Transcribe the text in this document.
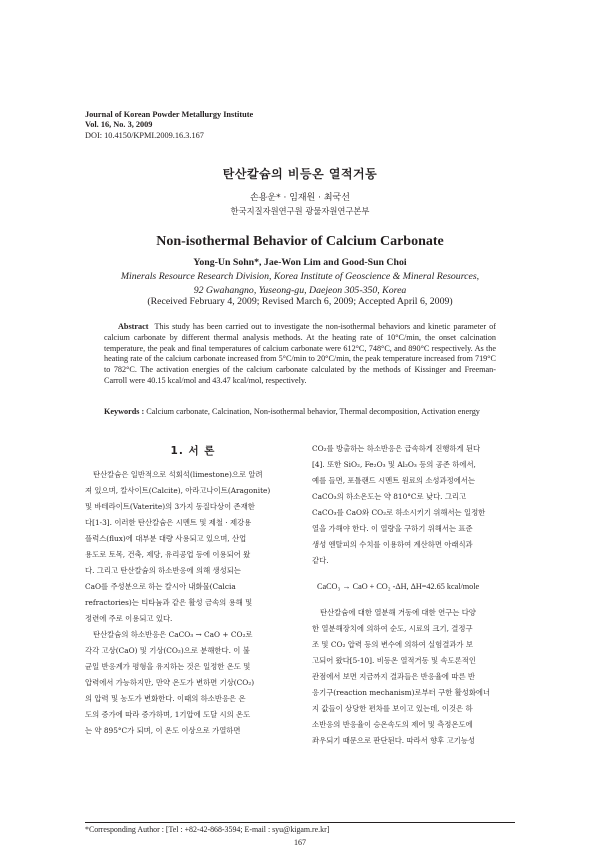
Journal of Korean Powder Metallurgy Institute
Vol. 16, No. 3, 2009
DOI: 10.4150/KPMI.2009.16.3.167
탄산칼슘의 비등온 열적거동
손용운* · 임재원 · 최국선
한국지질자원연구원 광물자원연구본부
Non-isothermal Behavior of Calcium Carbonate
Yong-Un Sohn*, Jae-Won Lim and Good-Sun Choi
Minerals Resource Research Division, Korea Institute of Geoscience & Mineral Resources,
92 Gwahangno, Yuseong-gu, Daejeon 305-350, Korea
(Received February 4, 2009; Revised March 6, 2009; Accepted April 6, 2009)
Abstract This study has been carried out to investigate the non-isothermal behaviors and kinetic parameter of calcium carbonate by different thermal analysis methods. At the heating rate of 10°C/min, the onset calcination temperature, the peak and final temperatures of calcium carbonate were 612°C, 748°C, and 890°C respectively. As the heating rate of the calcium carbonate increased from 5°C/min to 20°C/min, the peak temperature increased from 719°C to 782°C. The activation energies of the calcium carbonate calculated by the methods of Kissinger and Freeman-Carroll were 40.15 kcal/mol and 43.47 kcal/mol, respectively.
Keywords : Calcium carbonate, Calcination, Non-isothermal behavior, Thermal decomposition, Activation energy
1. 서 론
탄산칼슘은 일반적으로 석회석(limestone)으로 알려
져 있으며, 칼사이트(Calcite), 아라고나이트(Aragonite)
및 바테라이트(Vaterite)의 3가지 동질다상이 존재한
다[1-3]. 이러한 탄산칼슘은 시멘트 및 제철 · 제강용
플럭스(flux)에 대부분 대량 사용되고 있으며, 산업
용도로 토목, 건축, 제당, 유리공업 등에 이용되어 왔
다. 그리고 탄산칼슘의 하소반응에 의해 생성되는
CaO를 주성분으로 하는 칼시아 내화물(Calcia
refractories)는 티타늄과 같은 활성 금속의 용해 및
정련에 주로 이용되고 있다.
탄산칼슘의 하소반응은 CaCO₃ → CaO + CO₂로
각각 고상(CaO) 및 기상(CO₂)으로 분해한다. 이 불
균일 반응계가 평형을 유지하는 것은 일정한 온도 및
압력에서 가능하지만, 만약 온도가 변하면 기상(CO₂)
의 압력 및 농도가 변화한다. 이때의 하소반응은 온
도의 증가에 따라 증가하며, 1기압에 도달 시의 온도
는 약 895°C가 되며, 이 온도 이상으로 가열하면
CO₂를 방출하는 하소반응은 급속하게 진행하게 된다
[4]. 또한 SiO₂, Fe₂O₃ 및 Al₂O₃ 등의 공존 하에서,
예를 들면, 포틀랜드 시멘트 원료의 소성과정에서는
CaCO₃의 하소온도는 약 810°C로 낮다. 그리고
CaCO₃를 CaO와 CO₂로 하소시키기 위해서는 일정한
열을 가해야 한다. 이 열량을 구하기 위해서는 표준
생성 엔탈피의 수치를 이용하여 계산하면 아래식과
같다.
CaCO₃ → CaO + CO₂ -ΔH, ΔH=42.65 kcal/mole
탄산칼슘에 대한 열분해 거동에 대한 연구는 다양
한 열분해장치에 의하여 순도, 시료의 크기, 결정구
조 및 CO₂ 압력 등의 변수에 의하여 실험결과가 보
고되어 왔다[5-10]. 비등온 열적거동 및 속도론적인
관점에서 보면 지금까지 결과들은 반응율에 따른 반
응기구(reaction mechanism)로부터 구한 활성화에너
지 값들이 상당한 편차를 보이고 있는데, 이것은 하
소반응의 반응율이 승온속도의 제어 및 측정온도에
좌우되기 때문으로 판단된다. 따라서 향후 고기능성
*Corresponding Author : [Tel : +82-42-868-3594; E-mail : syu@kigam.re.kr]
167
